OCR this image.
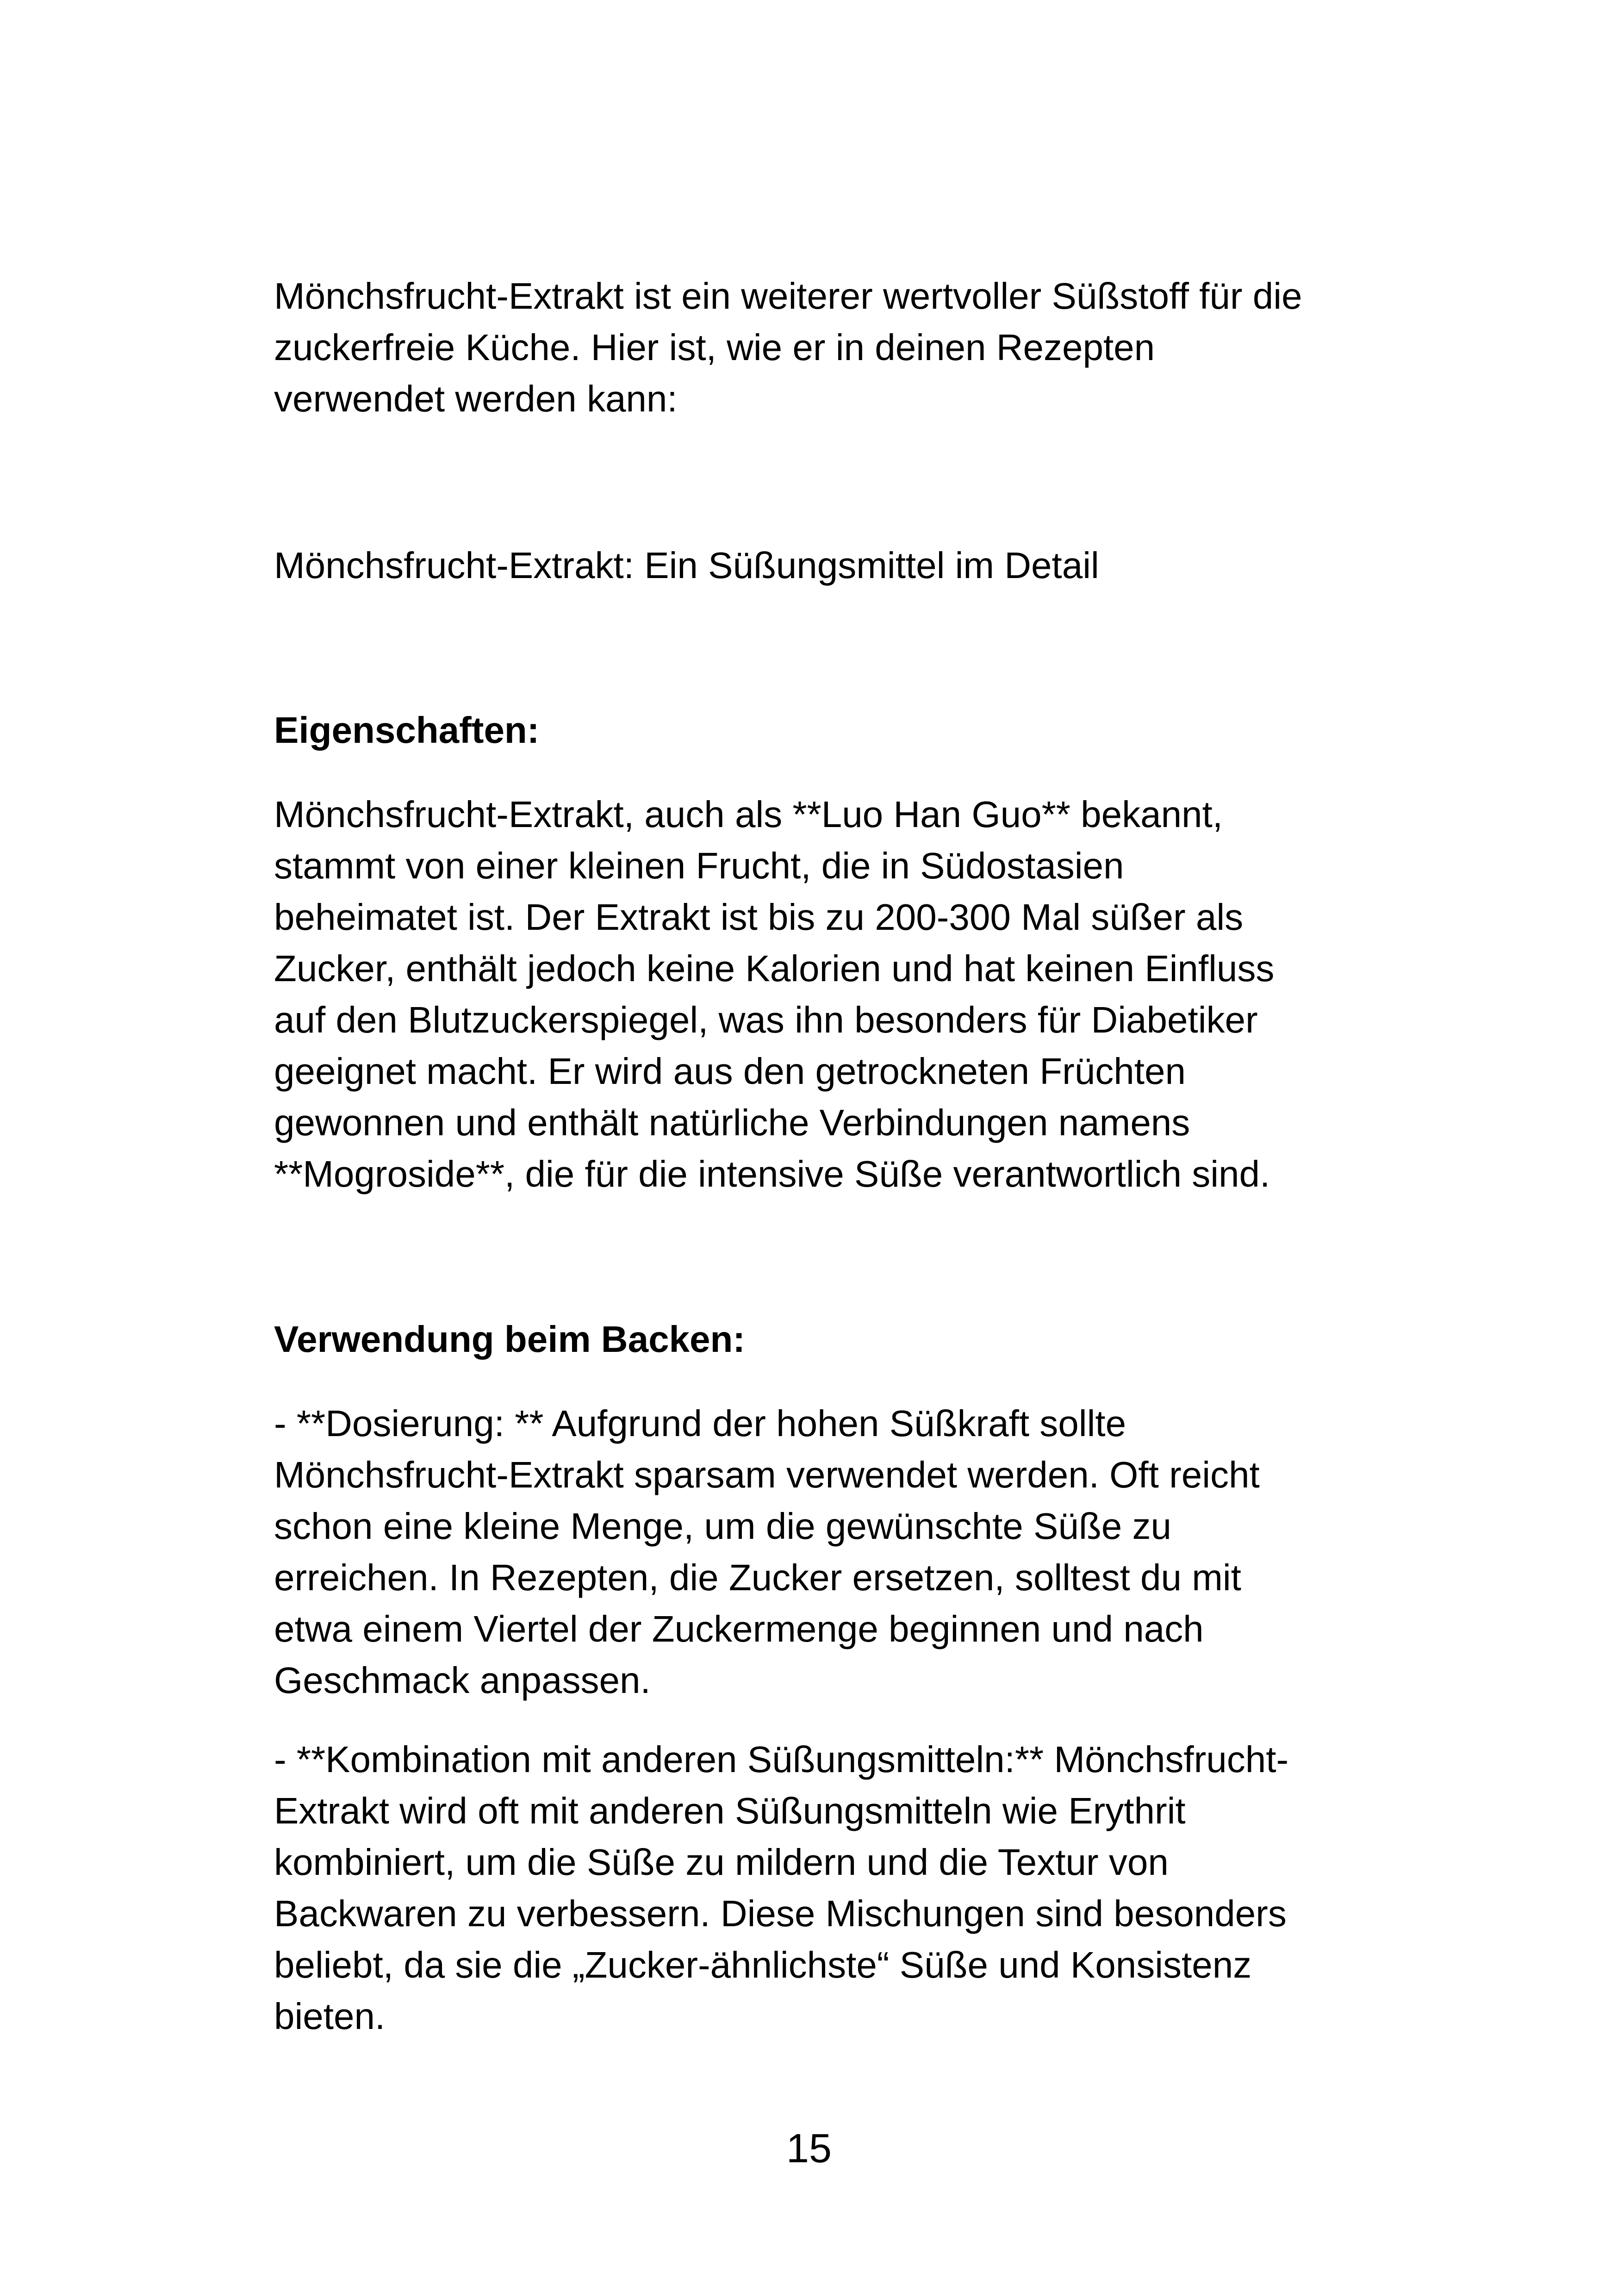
Mönchsfrucht-Extrakt ist ein weiterer wertvoller Süßstoff für die
zuckerfreie Küche. Hier ist, wie er in deinen Rezepten
verwendet werden kann:

Mönchsfrucht-Extrakt: Ein Süßungsmittel im Detail

Eigenschaften:

Mönchsfrucht-Extrakt, auch als **Luo Han Guo** bekannt,
stammt von einer kleinen Frucht, die in Südostasien
beheimatet ist. Der Extrakt ist bis zu 200-300 Mal süßer als
Zucker, enthält jedoch keine Kalorien und hat keinen Einfluss
auf den Blutzuckerspiegel, was ihn besonders für Diabetiker
geeignet macht. Er wird aus den getrockneten Früchten
gewonnen und enthält natürliche Verbindungen namens
**Mogroside**, die für die intensive Süße verantwortlich sind.

Verwendung beim Backen:

- **Dosierung: ** Aufgrund der hohen Süßkraft sollte
Mönchsfrucht-Extrakt sparsam verwendet werden. Oft reicht
schon eine kleine Menge, um die gewünschte Süße zu
erreichen. In Rezepten, die Zucker ersetzen, solltest du mit
etwa einem Viertel der Zuckermenge beginnen und nach
Geschmack anpassen.

- **Kombination mit anderen Süßungsmitteln:** Mönchsfrucht-
Extrakt wird oft mit anderen Süßungsmitteln wie Erythrit
kombiniert, um die Süße zu mildern und die Textur von
Backwaren zu verbessern. Diese Mischungen sind besonders
beliebt, da sie die „Zucker-ähnlichste“ Süße und Konsistenz
bieten.

15
